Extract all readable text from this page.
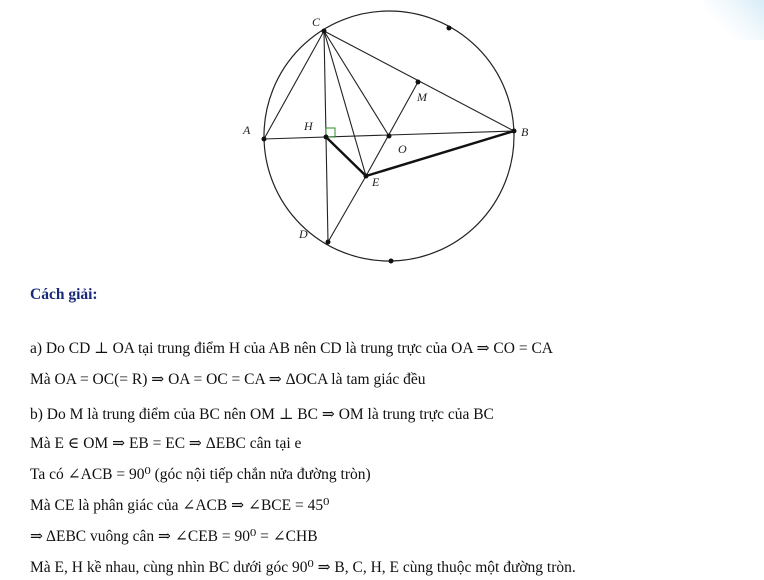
C
A	B
H
M
O
E
D
Cách giải:
a) Do CD ⊥ OA tại trung điểm H của AB nên CD là trung trực của OA ⇒ CO = CA
Mà OA = OC(= R) ⇒ OA = OC = CA ⇒ ΔOCA là tam giác đều
b) Do M là trung điểm của BC nên OM ⊥ BC ⇒ OM là trung trực của BC
Mà E ∈ OM ⇒ EB = EC ⇒ ΔEBC cân tại e
Ta có ∠ACB = 90⁰ (góc nội tiếp chắn nửa đường tròn)
Mà CE là phân giác của ∠ACB ⇒ ∠BCE = 45⁰
⇒ ΔEBC vuông cân ⇒ ∠CEB = 90⁰ = ∠CHB
Mà E, H kề nhau, cùng nhìn BC dưới góc 90⁰ ⇒ B, C, H, E cùng thuộc một đường tròn.
